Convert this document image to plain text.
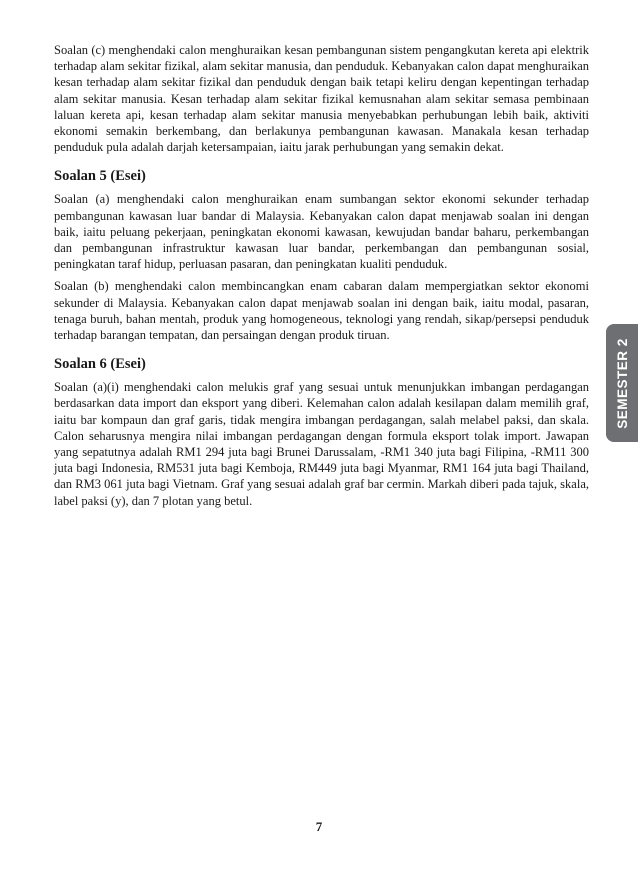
Soalan (c) menghendaki calon menghuraikan kesan pembangunan sistem pengangkutan kereta api elektrik terhadap alam sekitar fizikal, alam sekitar manusia, dan penduduk. Kebanyakan calon dapat menghuraikan kesan terhadap alam sekitar fizikal dan penduduk dengan baik tetapi keliru dengan kepentingan terhadap alam sekitar manusia. Kesan terhadap alam sekitar fizikal kemusnahan alam sekitar semasa pembinaan laluan kereta api, kesan terhadap alam sekitar manusia menyebabkan perhubungan lebih baik, aktiviti ekonomi semakin berkembang, dan berlakunya pembangunan kawasan. Manakala kesan terhadap penduduk pula adalah darjah ketersampaian, iaitu jarak perhubungan yang semakin dekat.

Soalan 5 (Esei)

Soalan (a) menghendaki calon menghuraikan enam sumbangan sektor ekonomi sekunder terhadap pembangunan kawasan luar bandar di Malaysia. Kebanyakan calon dapat menjawab soalan ini dengan baik, iaitu peluang pekerjaan, peningkatan ekonomi kawasan, kewujudan bandar baharu, perkembangan dan pembangunan infrastruktur kawasan luar bandar, perkembangan dan pembangunan sosial, peningkatan taraf hidup, perluasan pasaran, dan peningkatan kualiti penduduk.

Soalan (b) menghendaki calon membincangkan enam cabaran dalam mempergiatkan sektor ekonomi sekunder di Malaysia. Kebanyakan calon dapat menjawab soalan ini dengan baik, iaitu modal, pasaran, tenaga buruh, bahan mentah, produk yang homogeneous, teknologi yang rendah, sikap/persepsi penduduk terhadap barangan tempatan, dan persaingan dengan produk tiruan.

Soalan 6 (Esei)

Soalan (a)(i) menghendaki calon melukis graf yang sesuai untuk menunjukkan imbangan perdagangan berdasarkan data import dan eksport yang diberi. Kelemahan calon adalah kesilapan dalam memilih graf, iaitu bar kompaun dan graf garis, tidak mengira imbangan perdagangan, salah melabel paksi, dan skala. Calon seharusnya mengira nilai imbangan perdagangan dengan formula eksport tolak import. Jawapan yang sepatutnya adalah RM1 294 juta bagi Brunei Darussalam, -RM1 340 juta bagi Filipina, -RM11 300 juta bagi Indonesia, RM531 juta bagi Kemboja, RM449 juta bagi Myanmar, RM1 164 juta bagi Thailand, dan RM3 061 juta bagi Vietnam. Graf yang sesuai adalah graf bar cermin. Markah diberi pada tajuk, skala, label paksi (y), dan 7 plotan yang betul.

SEMESTER 2
7
